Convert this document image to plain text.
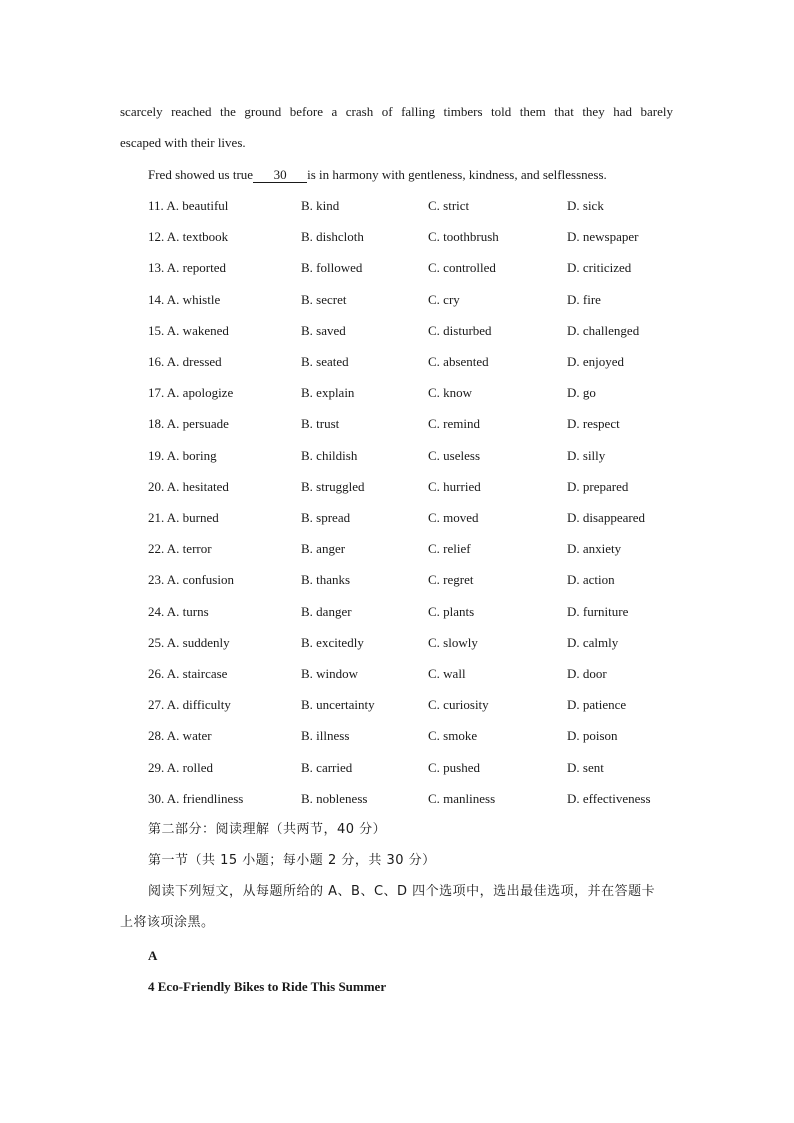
scarcely reached the ground before a crash of falling timbers told them that they had barely
escaped with their lives.
Fred showed us true 30 is in harmony with gentleness, kindness, and selflessness.
11. A. beautiful	B. kind	C. strict	D. sick
12. A. textbook	B. dishcloth	C. toothbrush	D. newspaper
13. A. reported	B. followed	C. controlled	D. criticized
14. A. whistle	B. secret	C. cry	D. fire
15. A. wakened	B. saved	C. disturbed	D. challenged
16. A. dressed	B. seated	C. absented	D. enjoyed
17. A. apologize	B. explain	C. know	D. go
18. A. persuade	B. trust	C. remind	D. respect
19. A. boring	B. childish	C. useless	D. silly
20. A. hesitated	B. struggled	C. hurried	D. prepared
21. A. burned	B. spread	C. moved	D. disappeared
22. A. terror	B. anger	C. relief	D. anxiety
23. A. confusion	B. thanks	C. regret	D. action
24. A. turns	B. danger	C. plants	D. furniture
25. A. suddenly	B. excitedly	C. slowly	D. calmly
26. A. staircase	B. window	C. wall	D. door
27. A. difficulty	B. uncertainty	C. curiosity	D. patience
28. A. water	B. illness	C. smoke	D. poison
29. A. rolled	B. carried	C. pushed	D. sent
30. A. friendliness	B. nobleness	C. manliness	D. effectiveness
第二部分：阅读理解（共两节，40 分）
第一节（共 15 小题；每小题 2 分，共 30 分）
阅读下列短文，从每题所给的 A、B、C、D 四个选项中，选出最佳选项，并在答题卡
上将该项涂黑。
A
4 Eco-Friendly Bikes to Ride This Summer
